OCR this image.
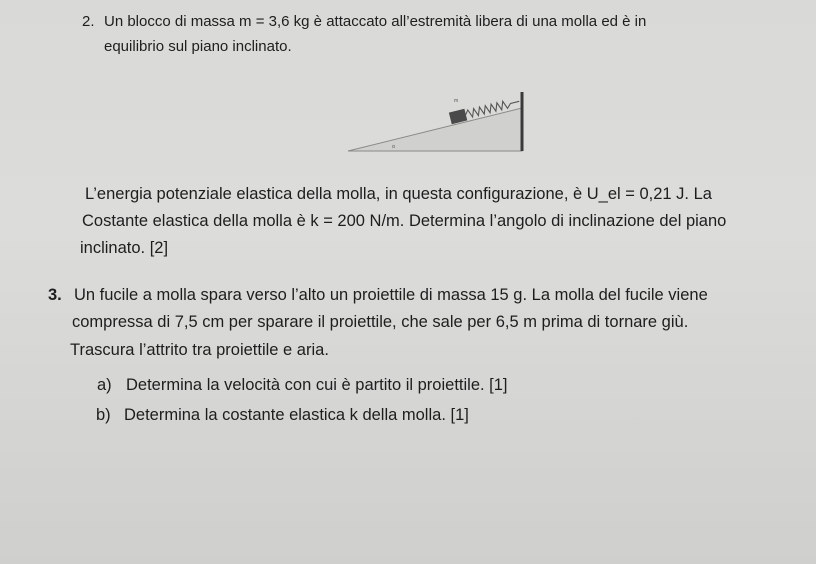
2. Un blocco di massa m = 3,6 kg è attaccato all’estremità libera di una molla ed è in
equilibrio sul piano inclinato.
m
α
L’energia potenziale elastica della molla, in questa configurazione, è U_el = 0,21 J. La
Costante elastica della molla è k = 200 N/m. Determina l’angolo di inclinazione del piano
inclinato. [2]
3. Un fucile a molla spara verso l’alto un proiettile di massa 15 g. La molla del fucile viene
compressa di 7,5 cm per sparare il proiettile, che sale per 6,5 m prima di tornare giù.
Trascura l’attrito tra proiettile e aria.
a) Determina la velocità con cui è partito il proiettile. [1]
b) Determina la costante elastica k della molla. [1]
